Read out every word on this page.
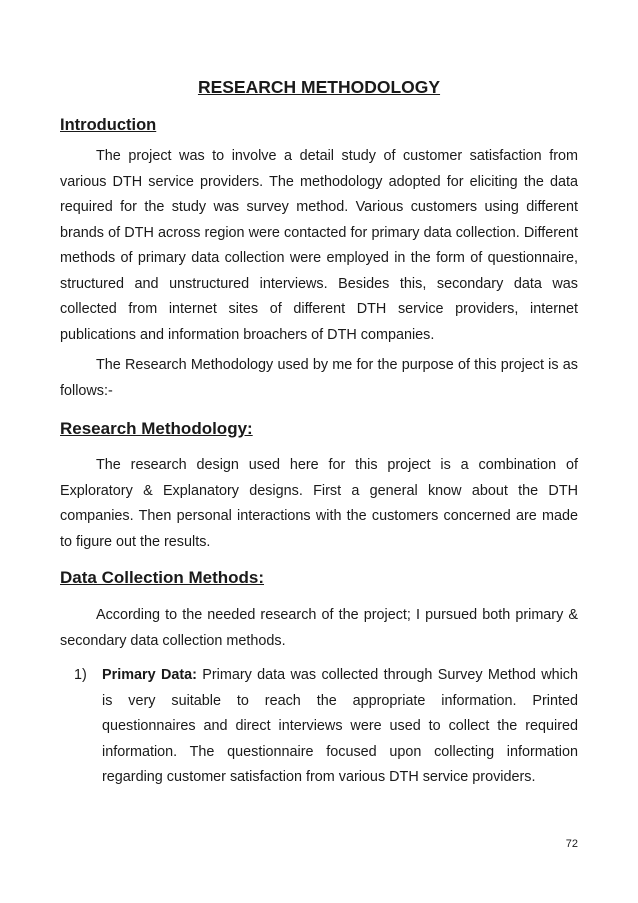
RESEARCH METHODOLOGY
Introduction

The project was to involve a detail study of customer satisfaction from various DTH service providers. The methodology adopted for eliciting the data required for the study was survey method. Various customers using different brands of DTH across region were contacted for primary data collection. Different methods of primary data collection were employed in the form of questionnaire, structured and unstructured interviews. Besides this, secondary data was collected from internet sites of different DTH service providers, internet publications and information broachers of DTH companies.

The Research Methodology used by me for the purpose of this project is as follows:-

Research Methodology:

The research design used here for this project is a combination of Exploratory & Explanatory designs. First a general know about the DTH companies. Then personal interactions with the customers concerned are made to figure out the results.

Data Collection Methods:

According to the needed research of the project; I pursued both primary & secondary data collection methods.

1)	Primary Data: Primary data was collected through Survey Method which is very suitable to reach the appropriate information. Printed questionnaires and direct interviews were used to collect the required information. The questionnaire focused upon collecting information regarding customer satisfaction from various DTH service providers.

72
